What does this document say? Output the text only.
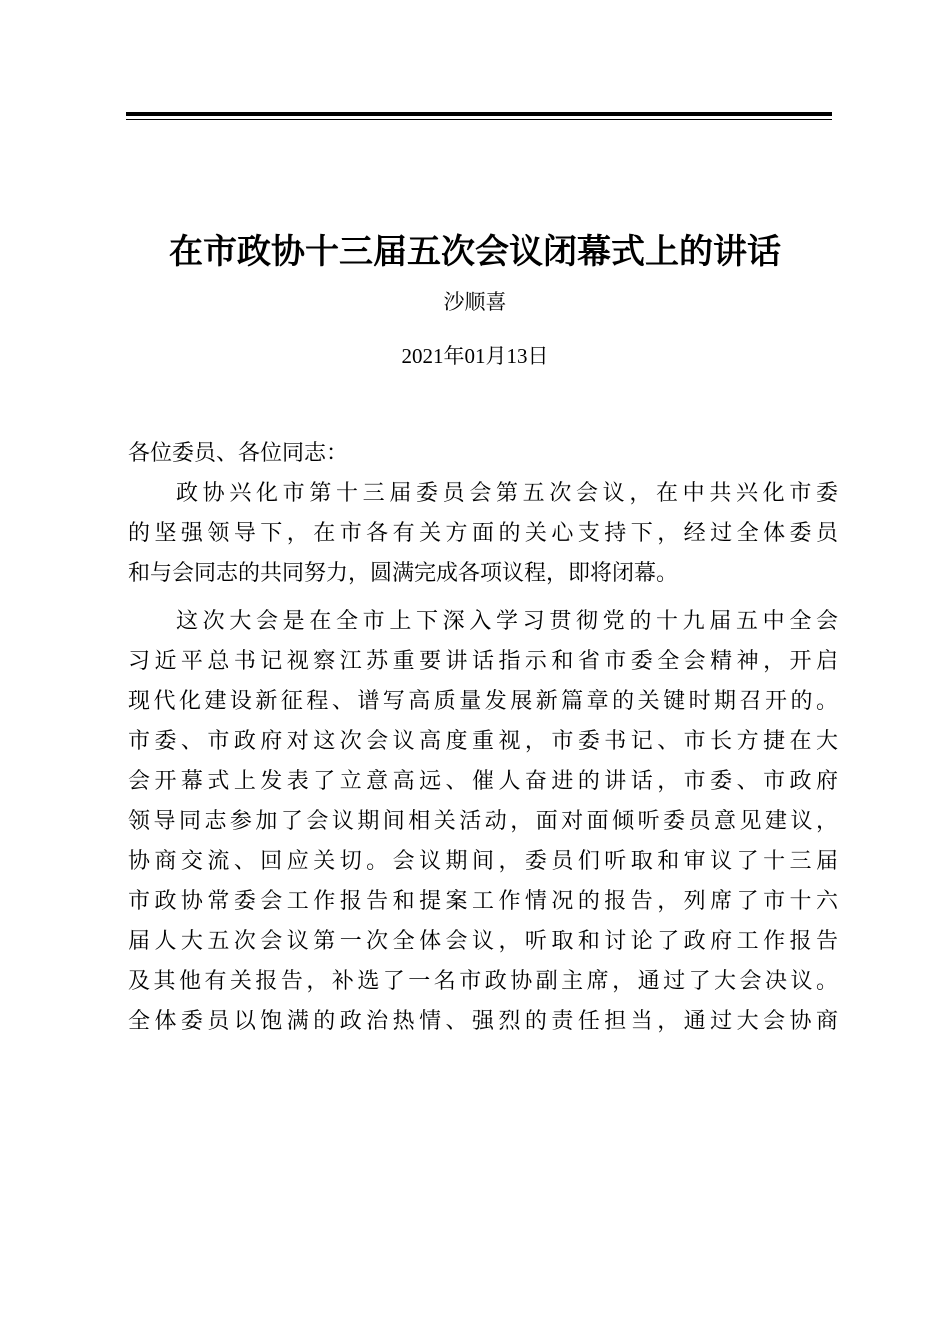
在市政协十三届五次会议闭幕式上的讲话
沙顺喜
2021年01月13日
各位委员、各位同志：
政协兴化市第十三届委员会第五次会议，在中共兴化市委
的坚强领导下，在市各有关方面的关心支持下，经过全体委员
和与会同志的共同努力，圆满完成各项议程，即将闭幕。
这次大会是在全市上下深入学习贯彻党的十九届五中全会
习近平总书记视察江苏重要讲话指示和省市委全会精神，开启
现代化建设新征程、谱写高质量发展新篇章的关键时期召开的。
市委、市政府对这次会议高度重视，市委书记、市长方捷在大
会开幕式上发表了立意高远、催人奋进的讲话，市委、市政府
领导同志参加了会议期间相关活动，面对面倾听委员意见建议，
协商交流、回应关切。会议期间，委员们听取和审议了十三届
市政协常委会工作报告和提案工作情况的报告，列席了市十六
届人大五次会议第一次全体会议，听取和讨论了政府工作报告
及其他有关报告，补选了一名市政协副主席，通过了大会决议。
全体委员以饱满的政治热情、强烈的责任担当，通过大会协商
